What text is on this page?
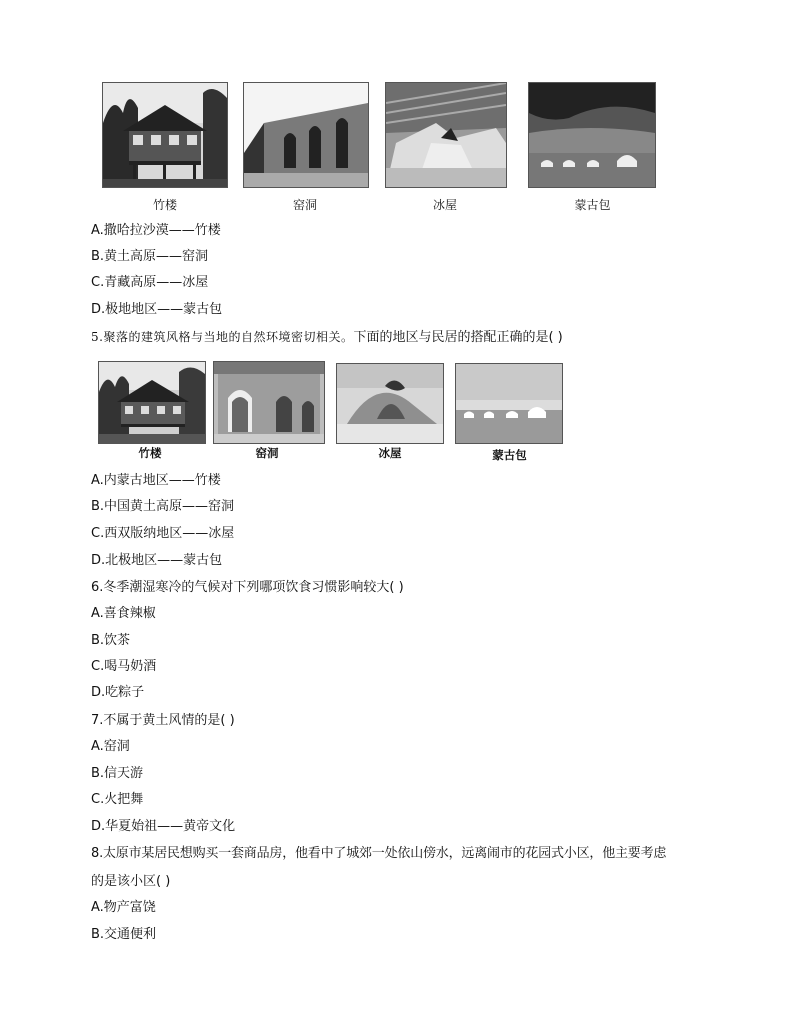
竹楼	窑洞	冰屋	蒙古包
A.撒哈拉沙漠——竹楼
B.黄土高原——窑洞
C.青藏高原——冰屋
D.极地地区——蒙古包
5.聚落的建筑风格与当地的自然环境密切相关。下面的地区与民居的搭配正确的是( )
竹楼	窑洞	冰屋	蒙古包
A.内蒙古地区——竹楼
B.中国黄土高原——窑洞
C.西双版纳地区——冰屋
D.北极地区——蒙古包
6.冬季潮湿寒冷的气候对下列哪项饮食习惯影响较大( )
A.喜食辣椒
B.饮茶
C.喝马奶酒
D.吃粽子
7.不属于黄土风情的是( )
A.窑洞
B.信天游
C.火把舞
D.华夏始祖——黄帝文化
8.太原市某居民想购买一套商品房，他看中了城郊一处依山傍水，远离闹市的花园式小区，他主要考虑
的是该小区( )
A.物产富饶
B.交通便利
